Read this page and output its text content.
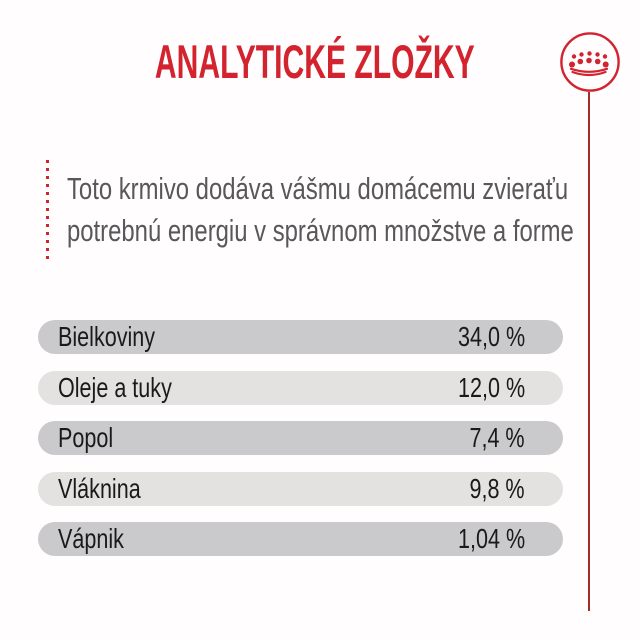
ANALYTICKÉ ZLOŽKY
Toto krmivo dodáva vášmu domácemu zvieraťu
potrebnú energiu v správnom množstve a forme
Bielkoviny	34,0 %
Oleje a tuky	12,0 %
Popol	7,4 %
Vláknina	9,8 %
Vápnik	1,04 %
